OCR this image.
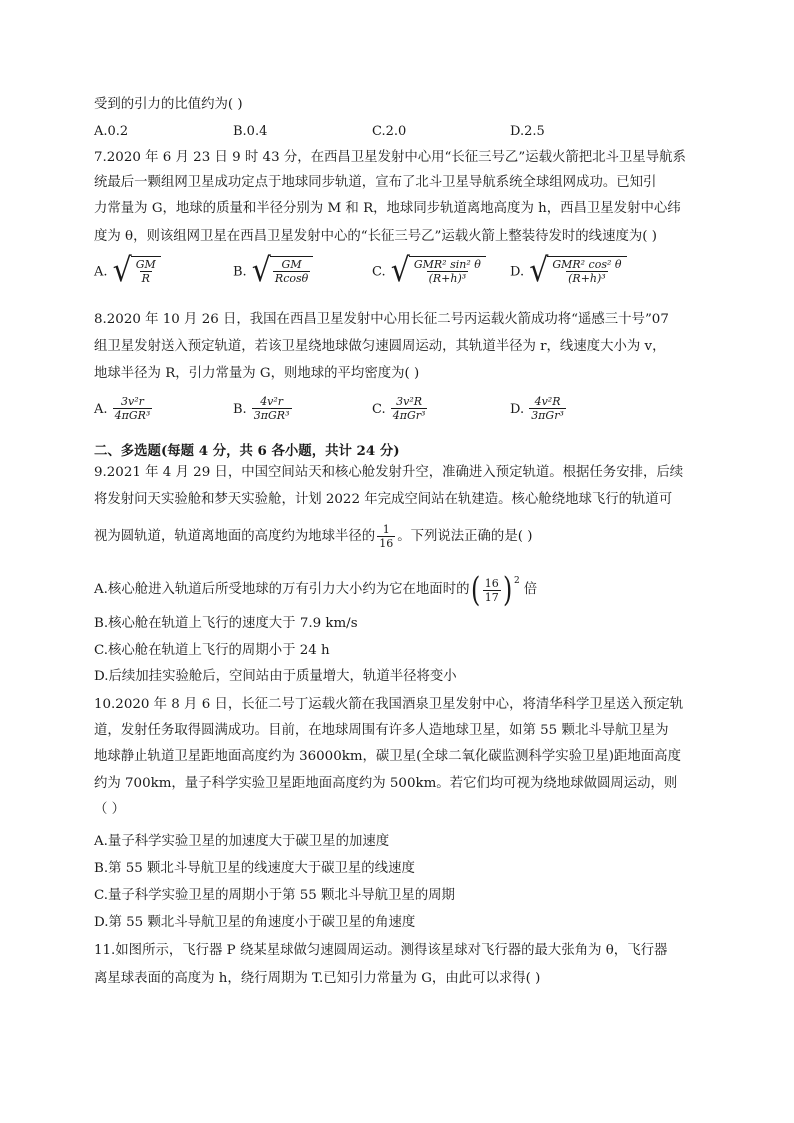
受到的引力的比值约为( )
A.0.2	B.0.4	C.2.0	D.2.5
7.2020 年 6 月 23 日 9 时 43 分，在西昌卫星发射中心用“长征三号乙”运载火箭把北斗卫星导航系
统最后一颗组网卫星成功定点于地球同步轨道，宣布了北斗卫星导航系统全球组网成功。已知引
力常量为 G，地球的质量和半径分别为 M 和 R，地球同步轨道离地高度为 h，西昌卫星发射中心纬
度为 θ，则该组网卫星在西昌卫星发射中心的“长征三号乙”运载火箭上整装待发时的线速度为( )
A. √ $\frac{GM}{R}$	B. √ $\frac{GM}{Rcos\theta}$	C. √ $\frac{\text{GMR² sin² θ}}{\text{(R+h)³}} D$. √ $\frac{\text{GMR² cos² θ}}{\text{(R+h)³}}$
8.2020 年 10 月 26 日，我国在西昌卫星发射中心用长征二号丙运载火箭成功将“遥感三十号”07
组卫星发射送入预定轨道，若该卫星绕地球做匀速圆周运动，其轨道半径为 r，线速度大小为 v，
地球半径为 R，引力常量为 G，则地球的平均密度为( )
A. $\frac{\text{3v²r}}{\text{4πGR³}}$	B. $\frac{\text{4v²r}}{\text{3πGR³}}$	C. $\frac{\text{3v²R}}{\text{4πGr³}}$	D. $\frac{\text{4v²R}}{\text{3πGr³}}$
二、多选题(每题 4 分，共 6 各小题，共计 24 分)
9.2021 年 4 月 29 日，中国空间站天和核心舱发射升空，准确进入预定轨道。根据任务安排，后续
将发射问天实验舱和梦天实验舱，计划 2022 年完成空间站在轨建造。核心舱绕地球飞行的轨道可
视为圆轨道，轨道离地面的高度约为地球半径的 $\frac{1}{16}$ 。下列说法正确的是( )
A.核心舱进入轨道后所受地球的万有引力大小约为它在地面时的 ( $\frac{16}{17}$ ) 2
倍
B.核心舱在轨道上飞行的速度大于 7.9 km/s
C.核心舱在轨道上飞行的周期小于 24 h
D.后续加挂实验舱后，空间站由于质量增大，轨道半径将变小
10.2020 年 8 月 6 日，长征二号丁运载火箭在我国酒泉卫星发射中心，将清华科学卫星送入预定轨
道，发射任务取得圆满成功。目前，在地球周围有许多人造地球卫星，如第 55 颗北斗导航卫星为
地球静止轨道卫星距地面高度约为 36000km，碳卫星(全球二氧化碳监测科学实验卫星)距地面高度
约为 700km，量子科学实验卫星距地面高度约为 500km。若它们均可视为绕地球做圆周运动，则
（ ）
A.量子科学实验卫星的加速度大于碳卫星的加速度
B.第 55 颗北斗导航卫星的线速度大于碳卫星的线速度
C.量子科学实验卫星的周期小于第 55 颗北斗导航卫星的周期
D.第 55 颗北斗导航卫星的角速度小于碳卫星的角速度
11.如图所示，飞行器 P 绕某星球做匀速圆周运动。测得该星球对飞行器的最大张角为 θ，飞行器
离星球表面的高度为 h，绕行周期为 T.已知引力常量为 G，由此可以求得( )
